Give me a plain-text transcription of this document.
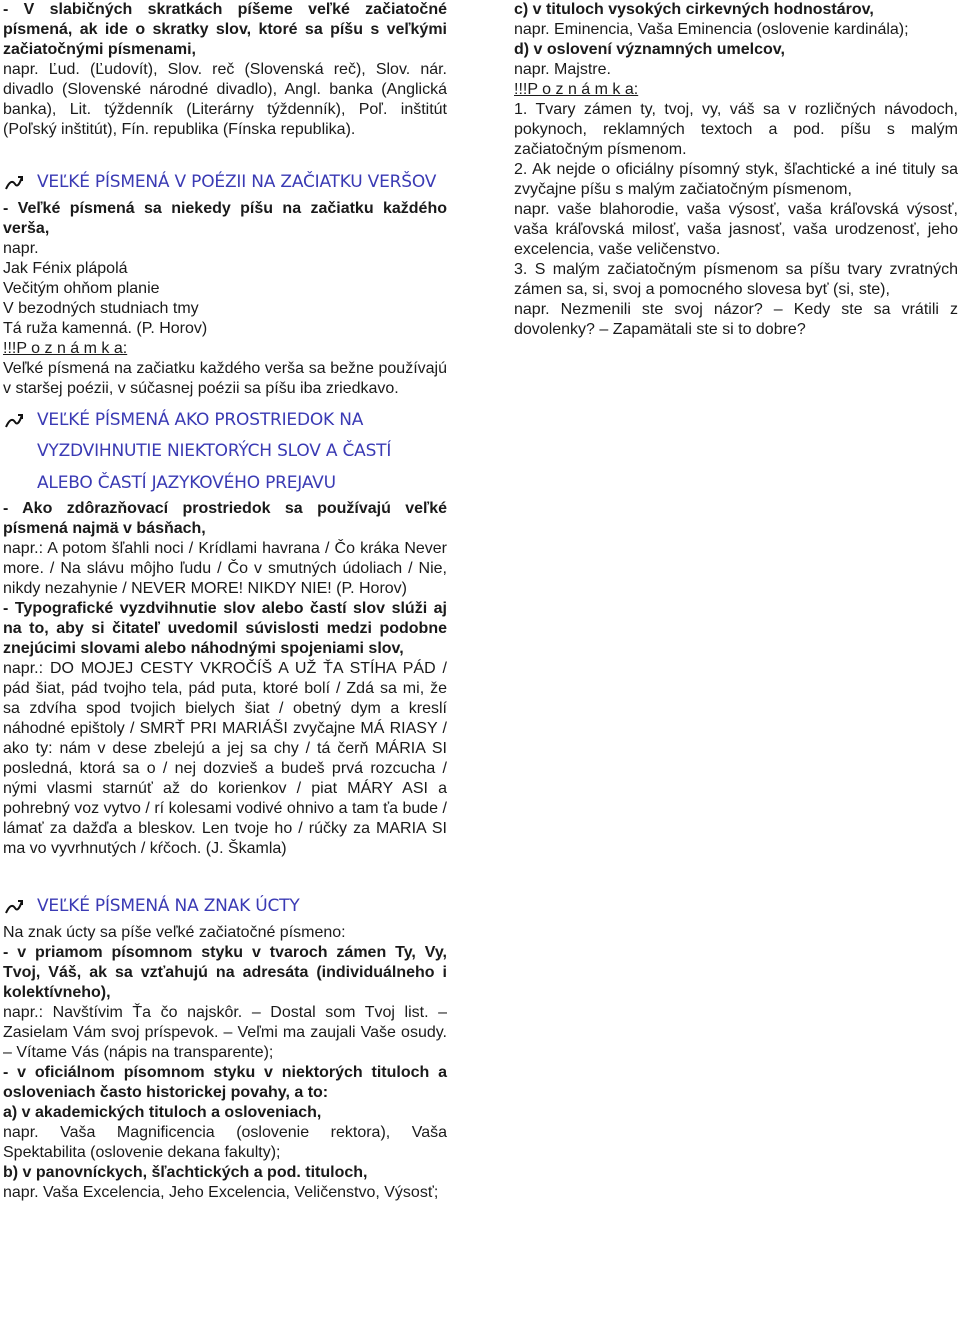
- V slabičných skratkách píšeme veľké začiatočné písmená, ak ide o skratky slov, ktoré sa píšu s veľkými začiatočnými písmenami,

napr. Ľud. (Ľudovít), Slov. reč (Slovenská reč), Slov. nár. divadlo (Slovenské národné divadlo), Angl. banka (Anglická banka), Lit. týždenník (Literárny týždenník), Poľ. inštitút (Poľský inštitút), Fín. republika (Fínska republika).

VEĽKÉ PÍSMENÁ V POÉZII NA ZAČIATKU VERŠOV

- Veľké písmená sa niekedy píšu na začiatku každého verša,

napr.

Jak Fénix plápolá

Večitým ohňom planie

V bezodných studniach tmy

Tá ruža kamenná. (P. Horov)

!!!P o z n á m k a:

Veľké písmená na začiatku každého verša sa bežne používajú v staršej poézii, v súčasnej poézii sa píšu iba zriedkavo.

VEĽKÉ PÍSMENÁ AKO PROSTRIEDOK NA VYZDVIHNUTIE NIEKTORÝCH SLOV A ČASTÍ ALEBO ČASTÍ JAZYKOVÉHO PREJAVU

- Ako zdôrazňovací prostriedok sa používajú veľké písmená najmä v básňach,

napr.: A potom šľahli noci / Krídlami havrana / Čo kráka Never more. / Na slávu môjho ľudu / Čo v smutných údoliach / Nie, nikdy nezahynie / NEVER MORE! NIKDY NIE! (P. Horov)

- Typografické vyzdvihnutie slov alebo častí slov slúži aj na to, aby si čitateľ uvedomil súvislosti medzi podobne znejúcimi slovami alebo náhodnými spojeniami slov,

napr.: DO MOJEJ CESTY VKROČÍŠ A UŽ ŤA STÍHA PÁD / pád šiat, pád tvojho tela, pád puta, ktoré bolí / Zdá sa mi, že sa zdvíha spod tvojich bielych šiat / obetný dym a kreslí náhodné epištoly / SMRŤ PRI MARIÁŠI zvyčajne MÁ RIASY / ako ty: nám v dese zbelejú a jej sa chy / tá čerň MÁRIA SI posledná, ktorá sa o / nej dozvieš a budeš prvá rozcucha / nými vlasmi starnúť až do korienkov / piat MÁRY ASI a pohrebný voz vytvo / rí kolesami vodivé ohnivo a tam ťa bude / lámať za dažďa a bleskov. Len tvoje ho / rúčky za MARIA SI ma vo vyvrhnutých / kŕčoch. (J. Škamla)

VEĽKÉ PÍSMENÁ NA ZNAK ÚCTY

Na znak úcty sa píše veľké začiatočné písmeno:

- v priamom písomnom styku v tvaroch zámen Ty, Vy, Tvoj, Váš, ak sa vzťahujú na adresáta (individuálneho i kolektívneho),

napr.: Navštívim Ťa čo najskôr. – Dostal som Tvoj list. – Zasielam Vám svoj príspevok. – Veľmi ma zaujali Vaše osudy. – Vítame Vás (nápis na transparente);

- v oficiálnom písomnom styku v niektorých tituloch a osloveniach často historickej povahy, a to:

a) v akademických tituloch a osloveniach,

napr. Vaša Magnificencia (oslovenie rektora), Vaša Spektabilita (oslovenie dekana fakulty);

b) v panovníckych, šľachtických a pod. tituloch,

napr. Vaša Excelencia, Jeho Excelencia, Veličenstvo, Výsosť;

c) v tituloch vysokých cirkevných hodnostárov,

napr. Eminencia, Vaša Eminencia (oslovenie kardinála);

d) v oslovení významných umelcov,

napr. Majstre.

!!!P o z n á m k a:

1. Tvary zámen ty, tvoj, vy, váš sa v rozličných návodoch, pokynoch, reklamných textoch a pod. píšu s malým začiatočným písmenom.

2. Ak nejde o oficiálny písomný styk, šľachtické a iné tituly sa zvyčajne píšu s malým začiatočným písmenom,

napr. vaše blahorodie, vaša výsosť, vaša kráľovská výsosť, vaša kráľovská milosť, vaša jasnosť, vaša urodzenosť, jeho excelencia, vaše veličenstvo.

3. S malým začiatočným písmenom sa píšu tvary zvratných zámen sa, si, svoj a pomocného slovesa byť (si, ste),

napr. Nezmenili ste svoj názor? – Kedy ste sa vrátili z dovolenky? – Zapamätali ste si to dobre?
